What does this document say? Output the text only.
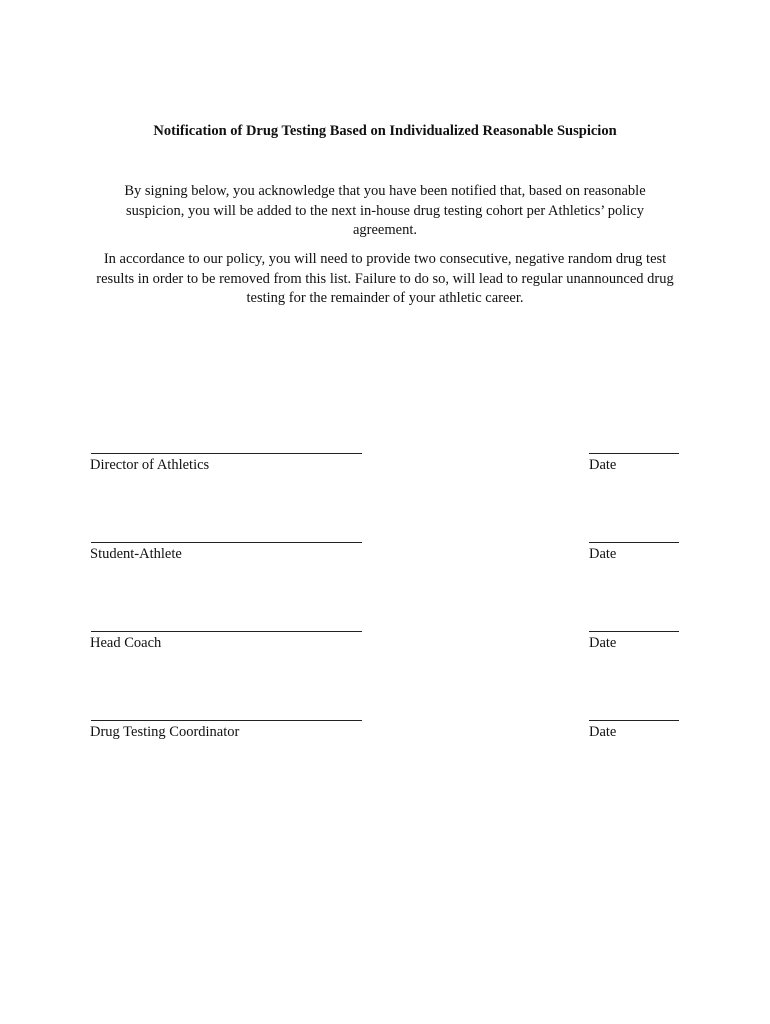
Notification of Drug Testing Based on Individualized Reasonable Suspicion

By signing below, you acknowledge that you have been notified that, based on reasonable suspicion, you will be added to the next in-house drug testing cohort per Athletics’ policy agreement.

In accordance to our policy, you will need to provide two consecutive, negative random drug test results in order to be removed from this list. Failure to do so, will lead to regular unannounced drug testing for the remainder of your athletic career.

Director of Athletics	Date
Student-Athlete	Date
Head Coach	Date
Drug Testing Coordinator	Date
